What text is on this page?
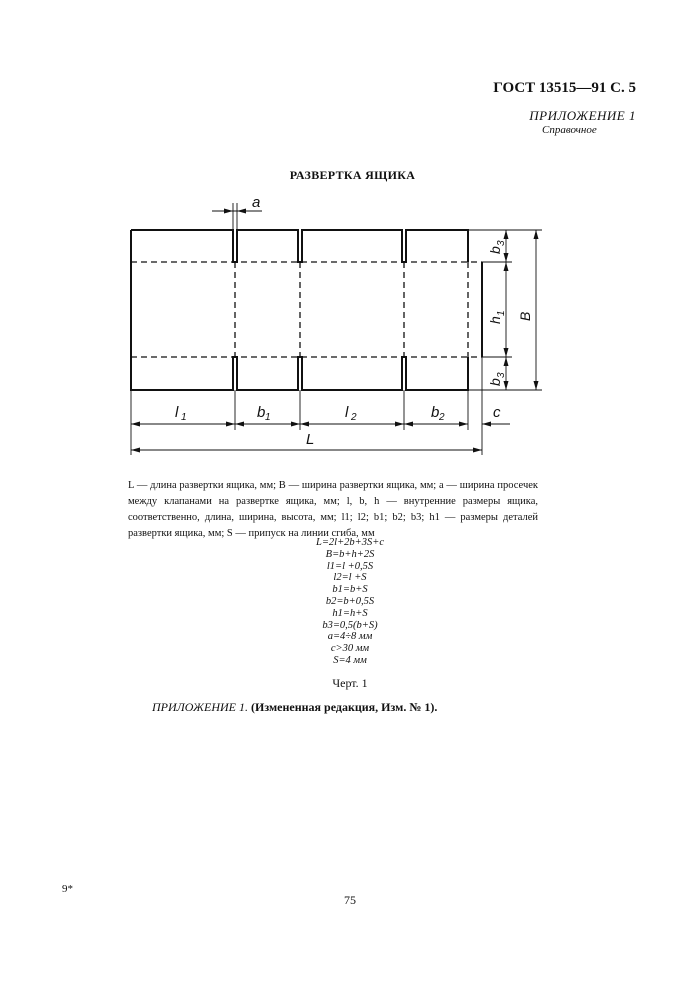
ГОСТ 13515—91 С. 5
ПРИЛОЖЕНИЕ 1
Справочное
РАЗВЕРТКА ЯЩИКА
a
b
3
h
1 B
b
3
l 1	b 1	l 2	b 2	c
L

L — длина развертки ящика, мм; B — ширина развертки ящика, мм; a — ширина просечек между клапанами на развертке ящика, мм; l, b, h — внутренние размеры ящика, соответственно, длина, ширина, высота, мм; l1; l2; b1; b2; b3; h1 — размеры деталей развертки ящика, мм; S — припуск на линии сгиба, мм

L=2l+2b+3S+c
B=b+h+2S
l1=l +0,5S
l2=l +S
b1=b+S
b2=b+0,5S
h1=h+S
b3=0,5(b+S)
a=4÷8 мм
c>30 мм
S=4 мм
Черт. 1
ПРИЛОЖЕНИЕ 1. (Измененная редакция, Изм. № 1).
9*
75
